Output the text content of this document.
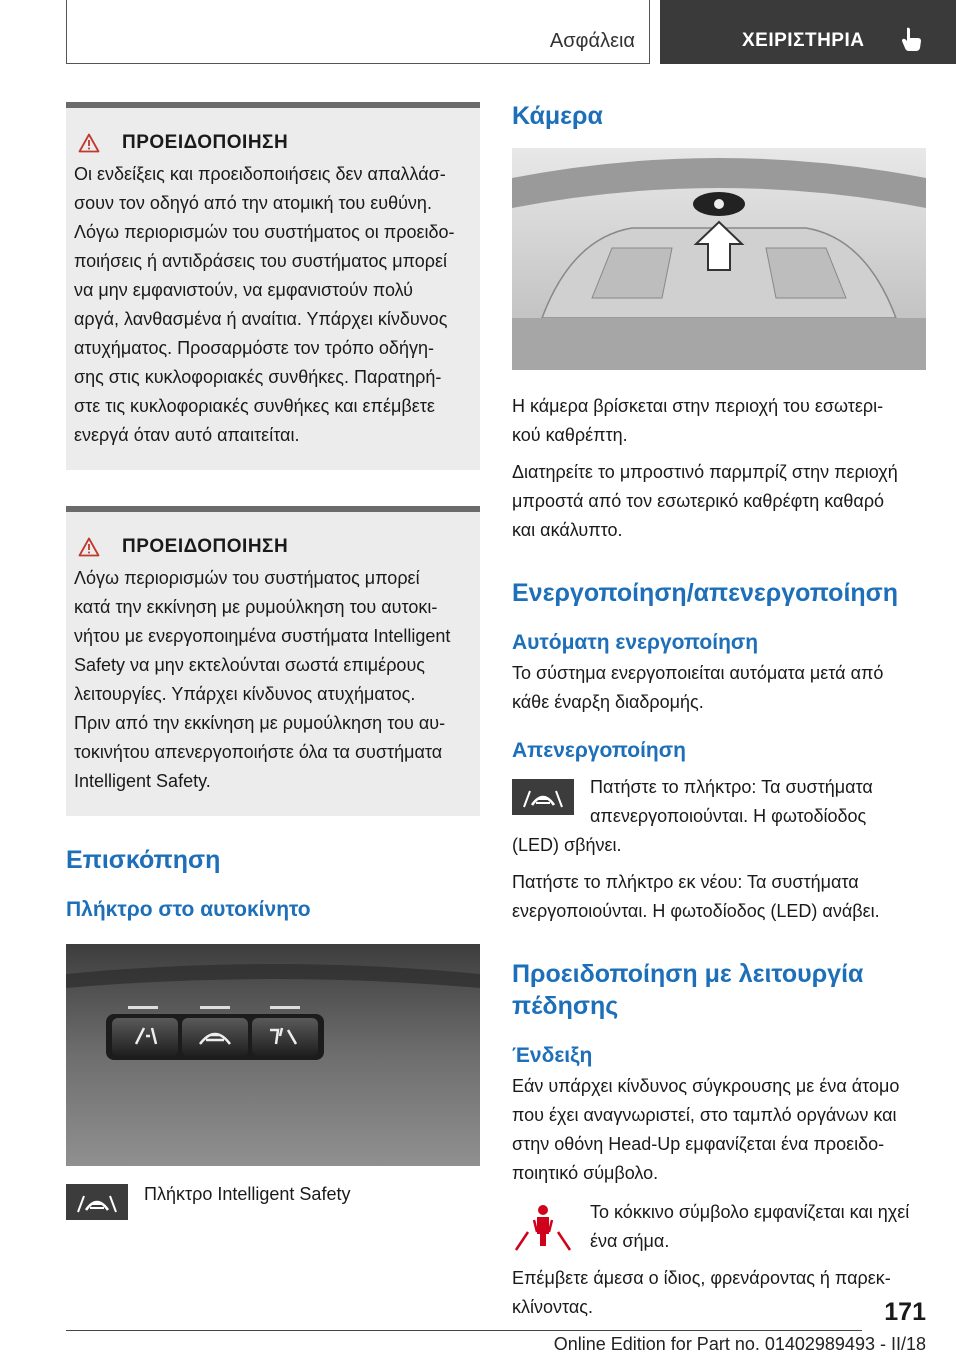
Ασφάλεια	ΧΕΙΡΙΣΤΗΡΙΑ
ΠΡΟΕΙΔΟΠΟΙΗΣΗ
Οι ενδείξεις και προειδοποιήσεις δεν απαλλάσ‐
σουν τον οδηγό από την ατομική του ευθύνη.
Λόγω περιορισμών του συστήματος οι προειδο‐
ποιήσεις ή αντιδράσεις του συστήματος μπορεί
να μην εμφανιστούν, να εμφανιστούν πολύ
αργά, λανθασμένα ή αναίτια. Υπάρχει κίνδυνος
ατυχήματος. Προσαρμόστε τον τρόπο οδήγη‐
σης στις κυκλοφοριακές συνθήκες. Παρατηρή‐
στε τις κυκλοφοριακές συνθήκες και επέμβετε
ενεργά όταν αυτό απαιτείται.
ΠΡΟΕΙΔΟΠΟΙΗΣΗ
Λόγω περιορισμών του συστήματος μπορεί
κατά την εκκίνηση με ρυμούλκηση του αυτοκι‐
νήτου με ενεργοποιημένα συστήματα Intelligent
Safety να μην εκτελούνται σωστά επιμέρους
λειτουργίες. Υπάρχει κίνδυνος ατυχήματος.
Πριν από την εκκίνηση με ρυμούλκηση του αυ‐
τοκινήτου απενεργοποιήστε όλα τα συστήματα
Intelligent Safety.
Επισκόπηση
Πλήκτρο στο αυτοκίνητο
Πλήκτρο Intelligent Safety
Κάμερα
Η κάμερα βρίσκεται στην περιοχή του εσωτερι‐
κού καθρέπτη.
Διατηρείτε το μπροστινό παρμπρίζ στην περιοχή
μπροστά από τον εσωτερικό καθρέφτη καθαρό
και ακάλυπτο.
Ενεργοποίηση/απενεργοποίηση
Αυτόματη ενεργοποίηση
Το σύστημα ενεργοποιείται αυτόματα μετά από
κάθε έναρξη διαδρομής.
Απενεργοποίηση
Πατήστε το πλήκτρο: Τα συστήματα
απενεργοποιούνται. Η φωτοδίοδος
(LED) σβήνει.
Πατήστε το πλήκτρο εκ νέου: Τα συστήματα
ενεργοποιούνται. Η φωτοδίοδος (LED) ανάβει.
Προειδοποίηση με λειτουργία
πέδησης
Ένδειξη
Εάν υπάρχει κίνδυνος σύγκρουσης με ένα άτομο
που έχει αναγνωριστεί, στο ταμπλό οργάνων και
στην οθόνη Head-Up εμφανίζεται ένα προειδο‐
ποιητικό σύμβολο.
Το κόκκινο σύμβολο εμφανίζεται και ηχεί
ένα σήμα.
Επέμβετε άμεσα ο ίδιος, φρενάροντας ή παρεκ‐
κλίνοντας.	171
Online Edition for Part no. 01402989493 - II/18
